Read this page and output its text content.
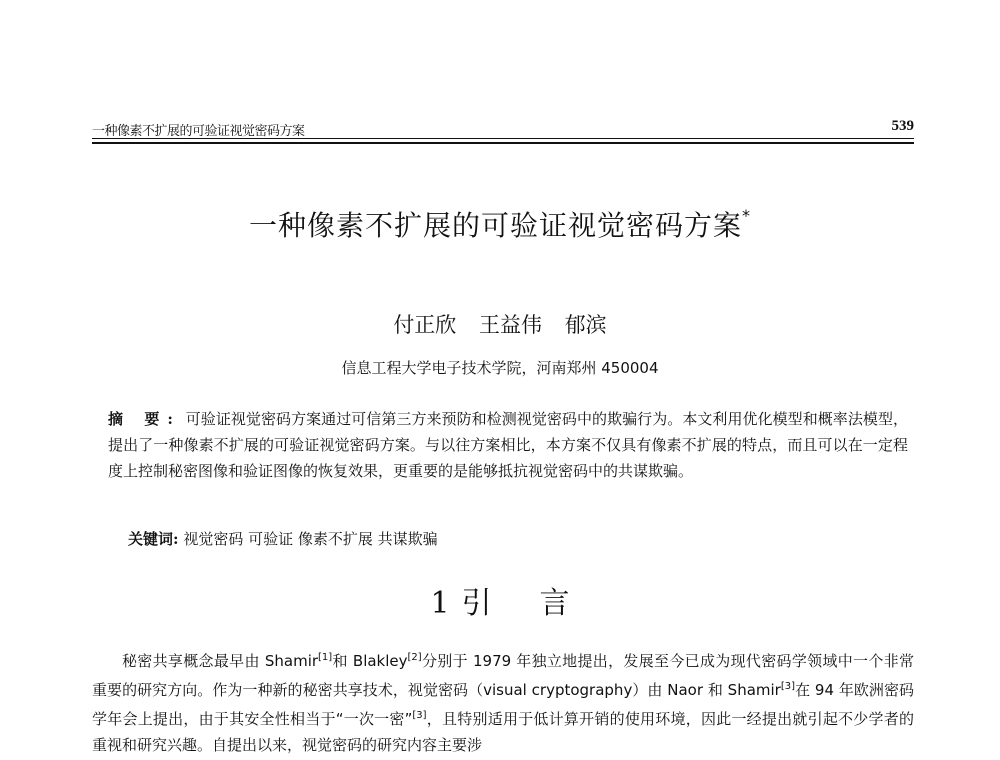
一种像素不扩展的可验证视觉密码方案	539
一种像素不扩展的可验证视觉密码方案*
付正欣 王益伟 郁滨
信息工程大学电子技术学院，河南郑州 450004
摘 要: 可验证视觉密码方案通过可信第三方来预防和检测视觉密码中的欺骗行为。本文利用优化模型和概率法模型，提出了一种像素不扩展的可验证视觉密码方案。与以往方案相比，本方案不仅具有像素不扩展的特点，而且可以在一定程度上控制秘密图像和验证图像的恢复效果，更重要的是能够抵抗视觉密码中的共谋欺骗。
关键词: 视觉密码 可验证 像素不扩展 共谋欺骗
1 引 言

秘密共享概念最早由 Shamir[1]和 Blakley[2]分别于 1979 年独立地提出，发展至今已成为现代密码学领域中一个非常重要的研究方向。作为一种新的秘密共享技术，视觉密码（visual cryptography）由 Naor 和 Shamir[3]在 94 年欧洲密码学年会上提出，由于其安全性相当于“一次一密”[3]，且特别适用于低计算开销的使用环境，因此一经提出就引起不少学者的重视和研究兴趣。自提出以来，视觉密码的研究内容主要涉
